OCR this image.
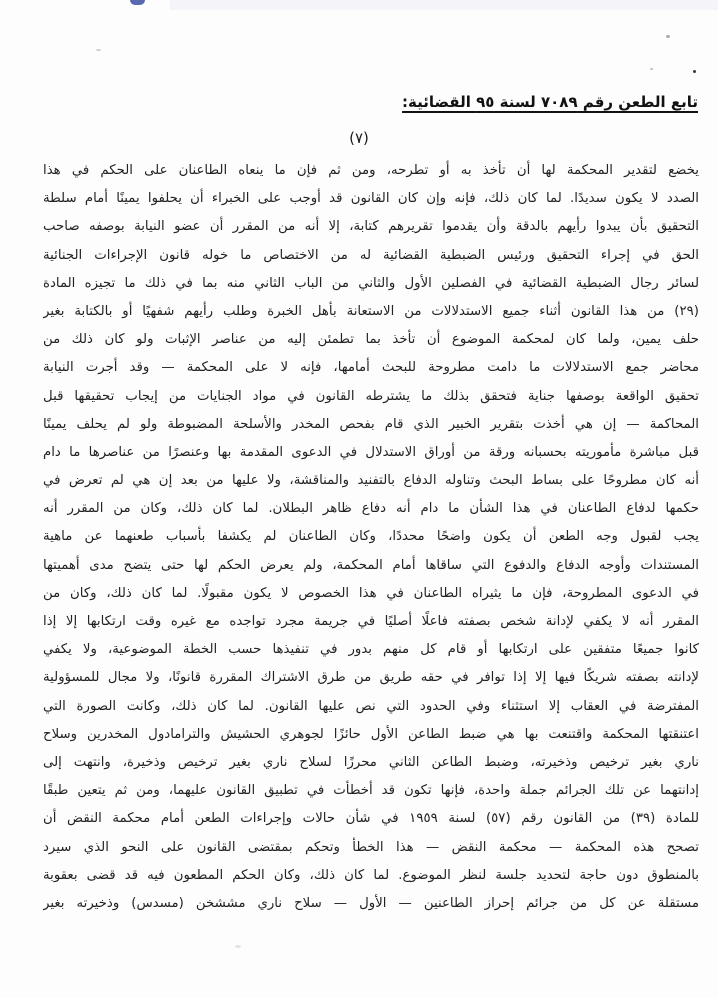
تابع الطعن رقم ٧٠٨٩ لسنة ٩٥ القضائية:
(٧)
يخضع لتقدير المحكمة لها أن تأخذ به أو تطرحه، ومن ثم فإن ما ينعاه الطاعنان على الحكم في هذا
الصدد لا يكون سديدًا. لما كان ذلك، فإنه وإن كان القانون قد أوجب على الخبراء أن يحلفوا يمينًا أمام سلطة
التحقيق بأن يبدوا رأيهم بالدقة وأن يقدموا تقريرهم كتابة، إلا أنه من المقرر أن عضو النيابة بوصفه صاحب
الحق في إجراء التحقيق ورئيس الضبطية القضائية له من الاختصاص ما خوله قانون الإجراءات الجنائية
لسائر رجال الضبطية القضائية في الفصلين الأول والثاني من الباب الثاني منه بما في ذلك ما تجيزه المادة
(٢٩) من هذا القانون أثناء جميع الاستدلالات من الاستعانة بأهل الخبرة وطلب رأيهم شفهيًا أو بالكتابة بغير
حلف يمين، ولما كان لمحكمة الموضوع أن تأخذ بما تطمئن إليه من عناصر الإثبات ولو كان ذلك من
محاضر جمع الاستدلالات ما دامت مطروحة للبحث أمامها، فإنه لا على المحكمة — وقد أجرت النيابة
تحقيق الواقعة بوصفها جناية فتحقق بذلك ما يشترطه القانون في مواد الجنايات من إيجاب تحقيقها قبل
المحاكمة — إن هي أخذت بتقرير الخبير الذي قام بفحص المخدر والأسلحة المضبوطة ولو لم يحلف يمينًا
قبل مباشرة مأموريته بحسبانه ورقة من أوراق الاستدلال في الدعوى المقدمة بها وعنصرًا من عناصرها ما دام
أنه كان مطروحًا على بساط البحث وتناوله الدفاع بالتفنيد والمناقشة، ولا عليها من بعد إن هي لم تعرض في
حكمها لدفاع الطاعنان في هذا الشأن ما دام أنه دفاع ظاهر البطلان. لما كان ذلك، وكان من المقرر أنه
يجب لقبول وجه الطعن أن يكون واضحًا محددًا، وكان الطاعنان لم يكشفا بأسباب طعنهما عن ماهية
المستندات وأوجه الدفاع والدفوع التي ساقاها أمام المحكمة، ولم يعرض الحكم لها حتى يتضح مدى أهميتها
في الدعوى المطروحة، فإن ما يثيراه الطاعنان في هذا الخصوص لا يكون مقبولًا. لما كان ذلك، وكان من
المقرر أنه لا يكفي لإدانة شخص بصفته فاعلًا أصليًا في جريمة مجرد تواجده مع غيره وقت ارتكابها إلا إذا
كانوا جميعًا متفقين على ارتكابها أو قام كل منهم بدور في تنفيذها حسب الخطة الموضوعية، ولا يكفي
لإدانته بصفته شريكًا فيها إلا إذا توافر في حقه طريق من طرق الاشتراك المقررة قانونًا، ولا مجال للمسؤولية
المفترضة في العقاب إلا استثناء وفي الحدود التي نص عليها القانون. لما كان ذلك، وكانت الصورة التي
اعتنقتها المحكمة واقتنعت بها هي ضبط الطاعن الأول حائزًا لجوهري الحشيش والترامادول المخدرين وسلاح
ناري بغير ترخيص وذخيرته، وضبط الطاعن الثاني محرزًا لسلاح ناري بغير ترخيص وذخيرة، وانتهت إلى
إدانتهما عن تلك الجرائم جملة واحدة، فإنها تكون قد أخطأت في تطبيق القانون عليهما، ومن ثم يتعين طبقًا
للمادة (٣٩) من القانون رقم (٥٧) لسنة ١٩٥٩ في شأن حالات وإجراءات الطعن أمام محكمة النقض أن
تصحح هذه المحكمة — محكمة النقض — هذا الخطأ وتحكم بمقتضى القانون على النحو الذي سيرد
بالمنطوق دون حاجة لتحديد جلسة لنظر الموضوع. لما كان ذلك، وكان الحكم المطعون فيه قد قضى بعقوبة
مستقلة عن كل من جرائم إحراز الطاعنين — الأول — سلاح ناري مششخن (مسدس) وذخيرته بغير
